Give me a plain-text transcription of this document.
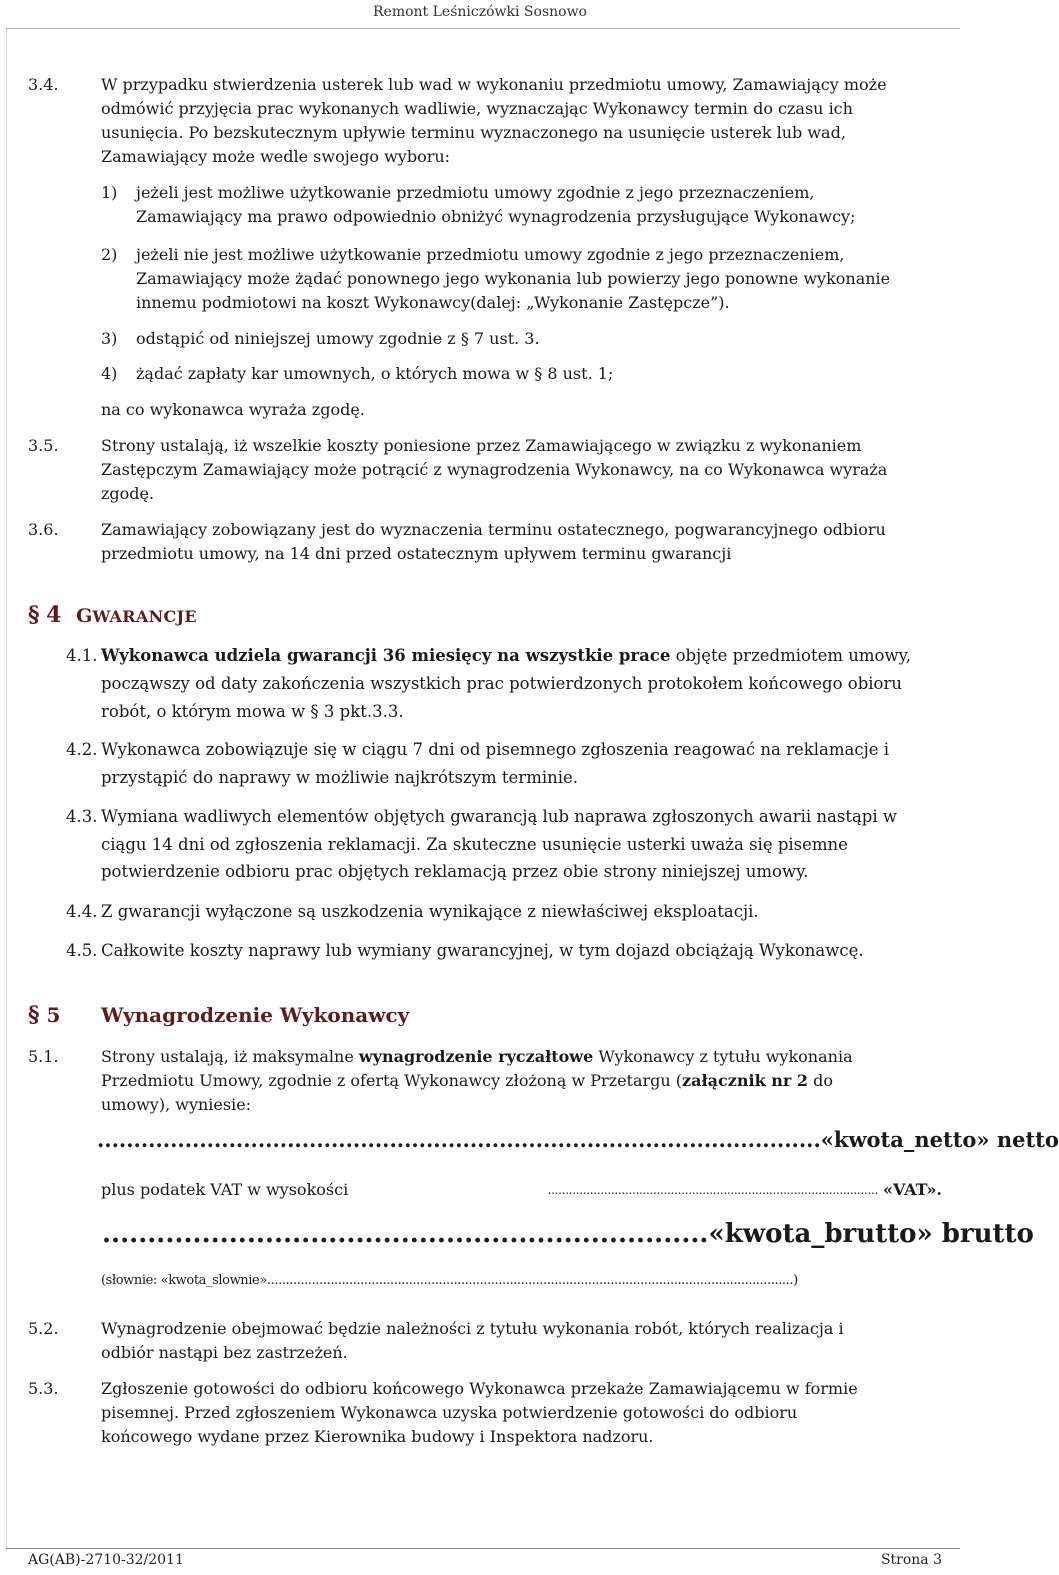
Remont Leśniczówki Sosnowo
3.4.	W przypadku stwierdzenia usterek lub wad w wykonaniu przedmiotu umowy, Zamawiający może
odmówić przyjęcia prac wykonanych wadliwie, wyznaczając Wykonawcy termin do czasu ich
usunięcia. Po bezskutecznym upływie terminu wyznaczonego na usunięcie usterek lub wad,
Zamawiający może wedle swojego wyboru:
1) jeżeli jest możliwe użytkowanie przedmiotu umowy zgodnie z jego przeznaczeniem,
Zamawiający ma prawo odpowiednio obniżyć wynagrodzenia przysługujące Wykonawcy;
2) jeżeli nie jest możliwe użytkowanie przedmiotu umowy zgodnie z jego przeznaczeniem,
Zamawiający może żądać ponownego jego wykonania lub powierzy jego ponowne wykonanie
innemu podmiotowi na koszt Wykonawcy(dalej: „Wykonanie Zastępcze”).
3) odstąpić od niniejszej umowy zgodnie z § 7 ust. 3.
4) żądać zapłaty kar umownych, o których mowa w § 8 ust. 1;
na co wykonawca wyraża zgodę.
3.5.	Strony ustalają, iż wszelkie koszty poniesione przez Zamawiającego w związku z wykonaniem
Zastępczym Zamawiający może potrącić z wynagrodzenia Wykonawcy, na co Wykonawca wyraża
zgodę.
3.6.	Zamawiający zobowiązany jest do wyznaczenia terminu ostatecznego, pogwarancyjnego odbioru
przedmiotu umowy, na 14 dni przed ostatecznym upływem terminu gwarancji
§ 4 GWARANCJE
4.1. Wykonawca udziela gwarancji 36 miesięcy na wszystkie prace objęte przedmiotem umowy,
począwszy od daty zakończenia wszystkich prac potwierdzonych protokołem końcowego obioru
robót, o którym mowa w § 3 pkt.3.3.
4.2. Wykonawca zobowiązuje się w ciągu 7 dni od pisemnego zgłoszenia reagować na reklamacje i
przystąpić do naprawy w możliwie najkrótszym terminie.
4.3. Wymiana wadliwych elementów objętych gwarancją lub naprawa zgłoszonych awarii nastąpi w
ciągu 14 dni od zgłoszenia reklamacji. Za skuteczne usunięcie usterki uważa się pisemne
potwierdzenie odbioru prac objętych reklamacją przez obie strony niniejszej umowy.
4.4. Z gwarancji wyłączone są uszkodzenia wynikające z niewłaściwej eksploatacji.
4.5. Całkowite koszty naprawy lub wymiany gwarancyjnej, w tym dojazd obciążają Wykonawcę.
§ 5 Wynagrodzenie Wykonawcy
5.1.	Strony ustalają, iż maksymalne wynagrodzenie ryczałtowe Wykonawcy z tytułu wykonania
Przedmiotu Umowy, zgodnie z ofertą Wykonawcy złożoną w Przetargu (załącznik nr 2 do
umowy), wyniesie:
...................................................................................................«kwota_netto» netto
plus podatek VAT w wysokości	.............................................................................................. «VAT».
...................................................................«kwota_brutto» brutto
(słownie: «kwota_slownie».............................................................................................................................................)
5.2.	Wynagrodzenie obejmować będzie należności z tytułu wykonania robót, których realizacja i
odbiór nastąpi bez zastrzeżeń.
5.3.	Zgłoszenie gotowości do odbioru końcowego Wykonawca przekaże Zamawiającemu w formie
pisemnej. Przed zgłoszeniem Wykonawca uzyska potwierdzenie gotowości do odbioru
końcowego wydane przez Kierownika budowy i Inspektora nadzoru.
AG(AB)-2710-32/2011	Strona 3
